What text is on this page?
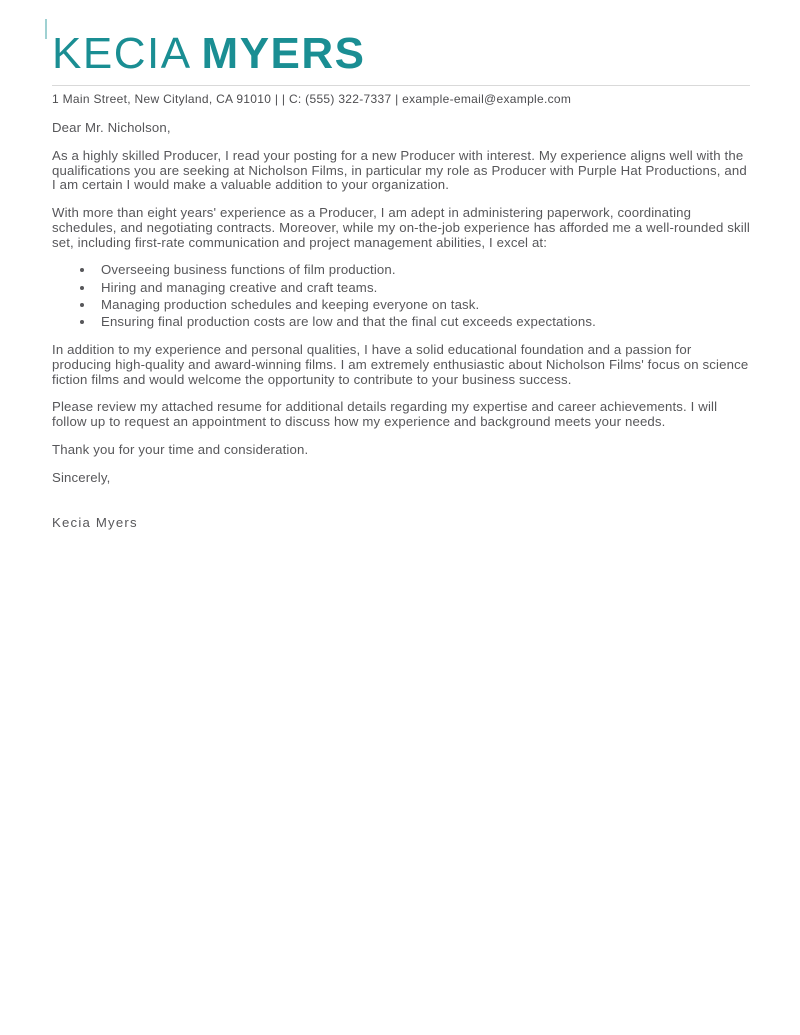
KECIA MYERS
1 Main Street, New Cityland, CA 91010 | | C: (555) 322-7337 | example-email@example.com

Dear Mr. Nicholson,

As a highly skilled Producer, I read your posting for a new Producer with interest. My experience aligns well with the qualifications you are seeking at Nicholson Films, in particular my role as Producer with Purple Hat Productions, and I am certain I would make a valuable addition to your organization.

With more than eight years' experience as a Producer, I am adept in administering paperwork, coordinating schedules, and negotiating contracts. Moreover, while my on-the-job experience has afforded me a well-rounded skill set, including first-rate communication and project management abilities, I excel at:

• Overseeing business functions of film production.
• Hiring and managing creative and craft teams.
• Managing production schedules and keeping everyone on task.
• Ensuring final production costs are low and that the final cut exceeds expectations.

In addition to my experience and personal qualities, I have a solid educational foundation and a passion for producing high-quality and award-winning films. I am extremely enthusiastic about Nicholson Films' focus on science fiction films and would welcome the opportunity to contribute to your business success.

Please review my attached resume for additional details regarding my expertise and career achievements. I will follow up to request an appointment to discuss how my experience and background meets your needs.

Thank you for your time and consideration.

Sincerely,

Kecia Myers
